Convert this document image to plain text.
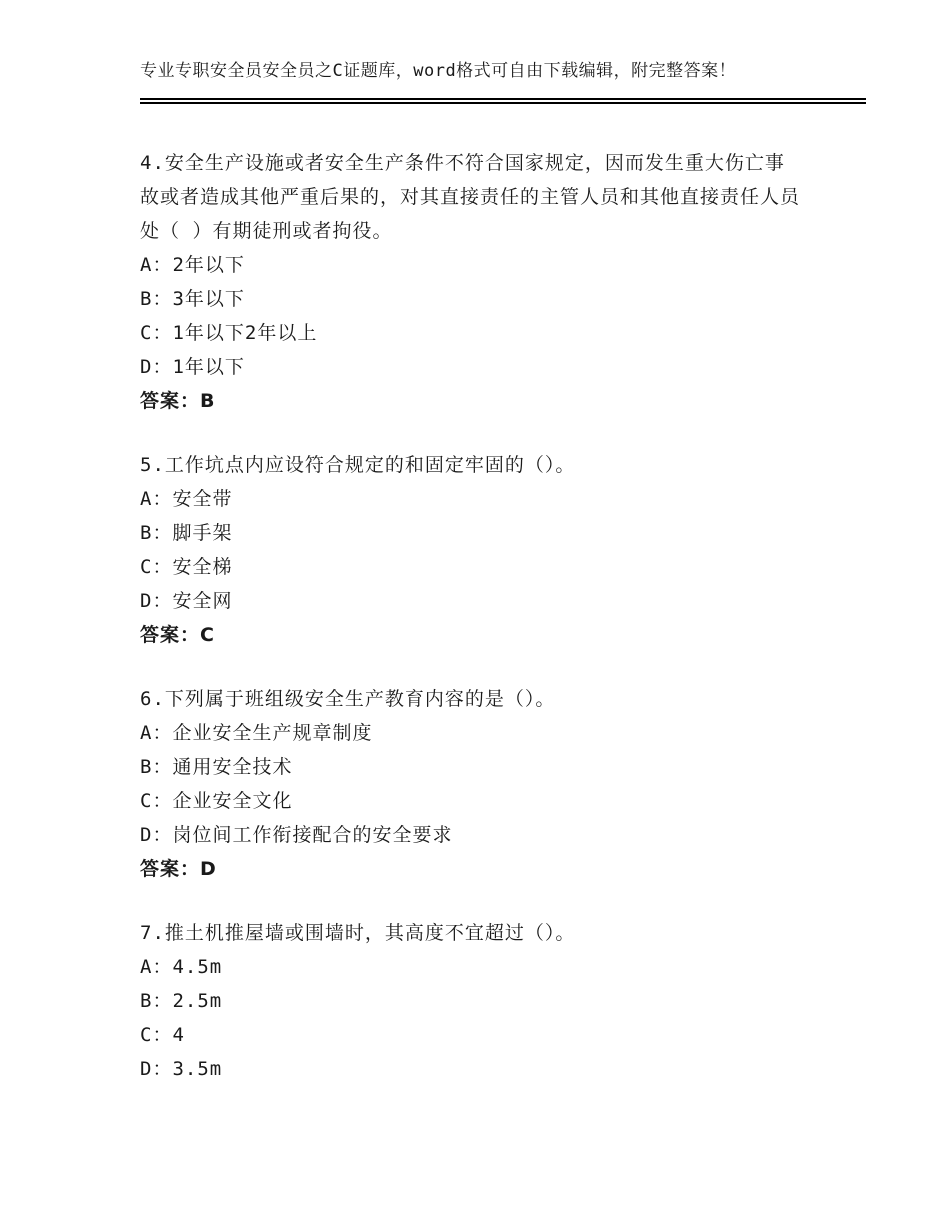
专业专职安全员安全员之C证题库，word格式可自由下载编辑，附完整答案！
4.安全生产设施或者安全生产条件不符合国家规定，因而发生重大伤亡事故或者造成其他严重后果的，对其直接责任的主管人员和其他直接责任人员处（ ）有期徒刑或者拘役。
A：2年以下
B：3年以下
C：1年以下2年以上
D：1年以下
答案：B
5.工作坑点内应设符合规定的和固定牢固的（）。
A：安全带
B：脚手架
C：安全梯
D：安全网
答案：C
6.下列属于班组级安全生产教育内容的是（）。
A：企业安全生产规章制度
B：通用安全技术
C：企业安全文化
D：岗位间工作衔接配合的安全要求
答案：D
7.推土机推屋墙或围墙时，其高度不宜超过（）。
A：4.5m
B：2.5m
C：4
D：3.5m
